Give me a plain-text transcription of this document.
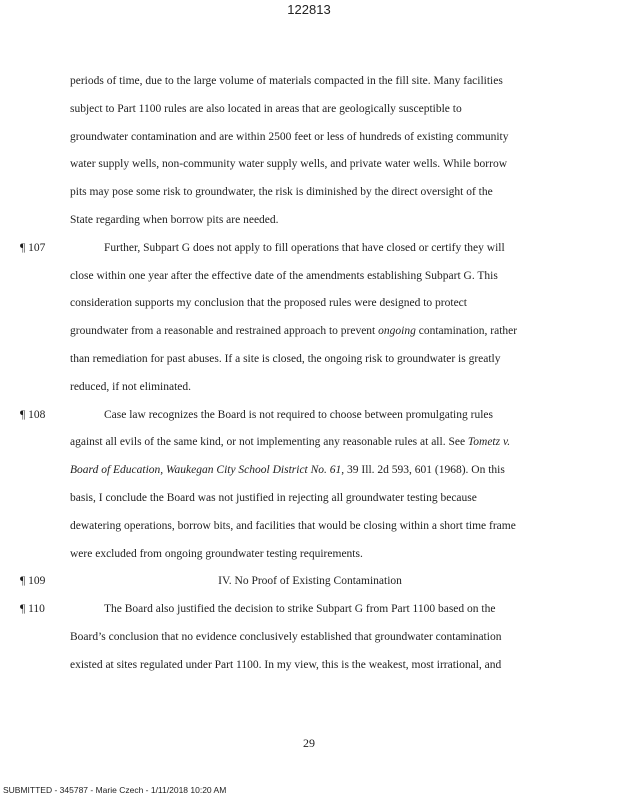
122813
periods of time, due to the large volume of materials compacted in the fill site. Many facilities
subject to Part 1100 rules are also located in areas that are geologically susceptible to
groundwater contamination and are within 2500 feet or less of hundreds of existing community
water supply wells, non-community water supply wells, and private water wells. While borrow
pits may pose some risk to groundwater, the risk is diminished by the direct oversight of the
State regarding when borrow pits are needed.
¶ 107	Further, Subpart G does not apply to fill operations that have closed or certify they will
close within one year after the effective date of the amendments establishing Subpart G. This
consideration supports my conclusion that the proposed rules were designed to protect
groundwater from a reasonable and restrained approach to prevent ongoing contamination, rather
than remediation for past abuses. If a site is closed, the ongoing risk to groundwater is greatly
reduced, if not eliminated.
¶ 108	Case law recognizes the Board is not required to choose between promulgating rules
against all evils of the same kind, or not implementing any reasonable rules at all. See Tometz v.
Board of Education, Waukegan City School District No. 61, 39 Ill. 2d 593, 601 (1968). On this
basis, I conclude the Board was not justified in rejecting all groundwater testing because
dewatering operations, borrow bits, and facilities that would be closing within a short time frame
were excluded from ongoing groundwater testing requirements.
¶ 109	IV. No Proof of Existing Contamination
¶ 110	The Board also justified the decision to strike Subpart G from Part 1100 based on the
Board’s conclusion that no evidence conclusively established that groundwater contamination
existed at sites regulated under Part 1100. In my view, this is the weakest, most irrational, and
29
SUBMITTED - 345787 - Marie Czech - 1/11/2018 10:20 AM
